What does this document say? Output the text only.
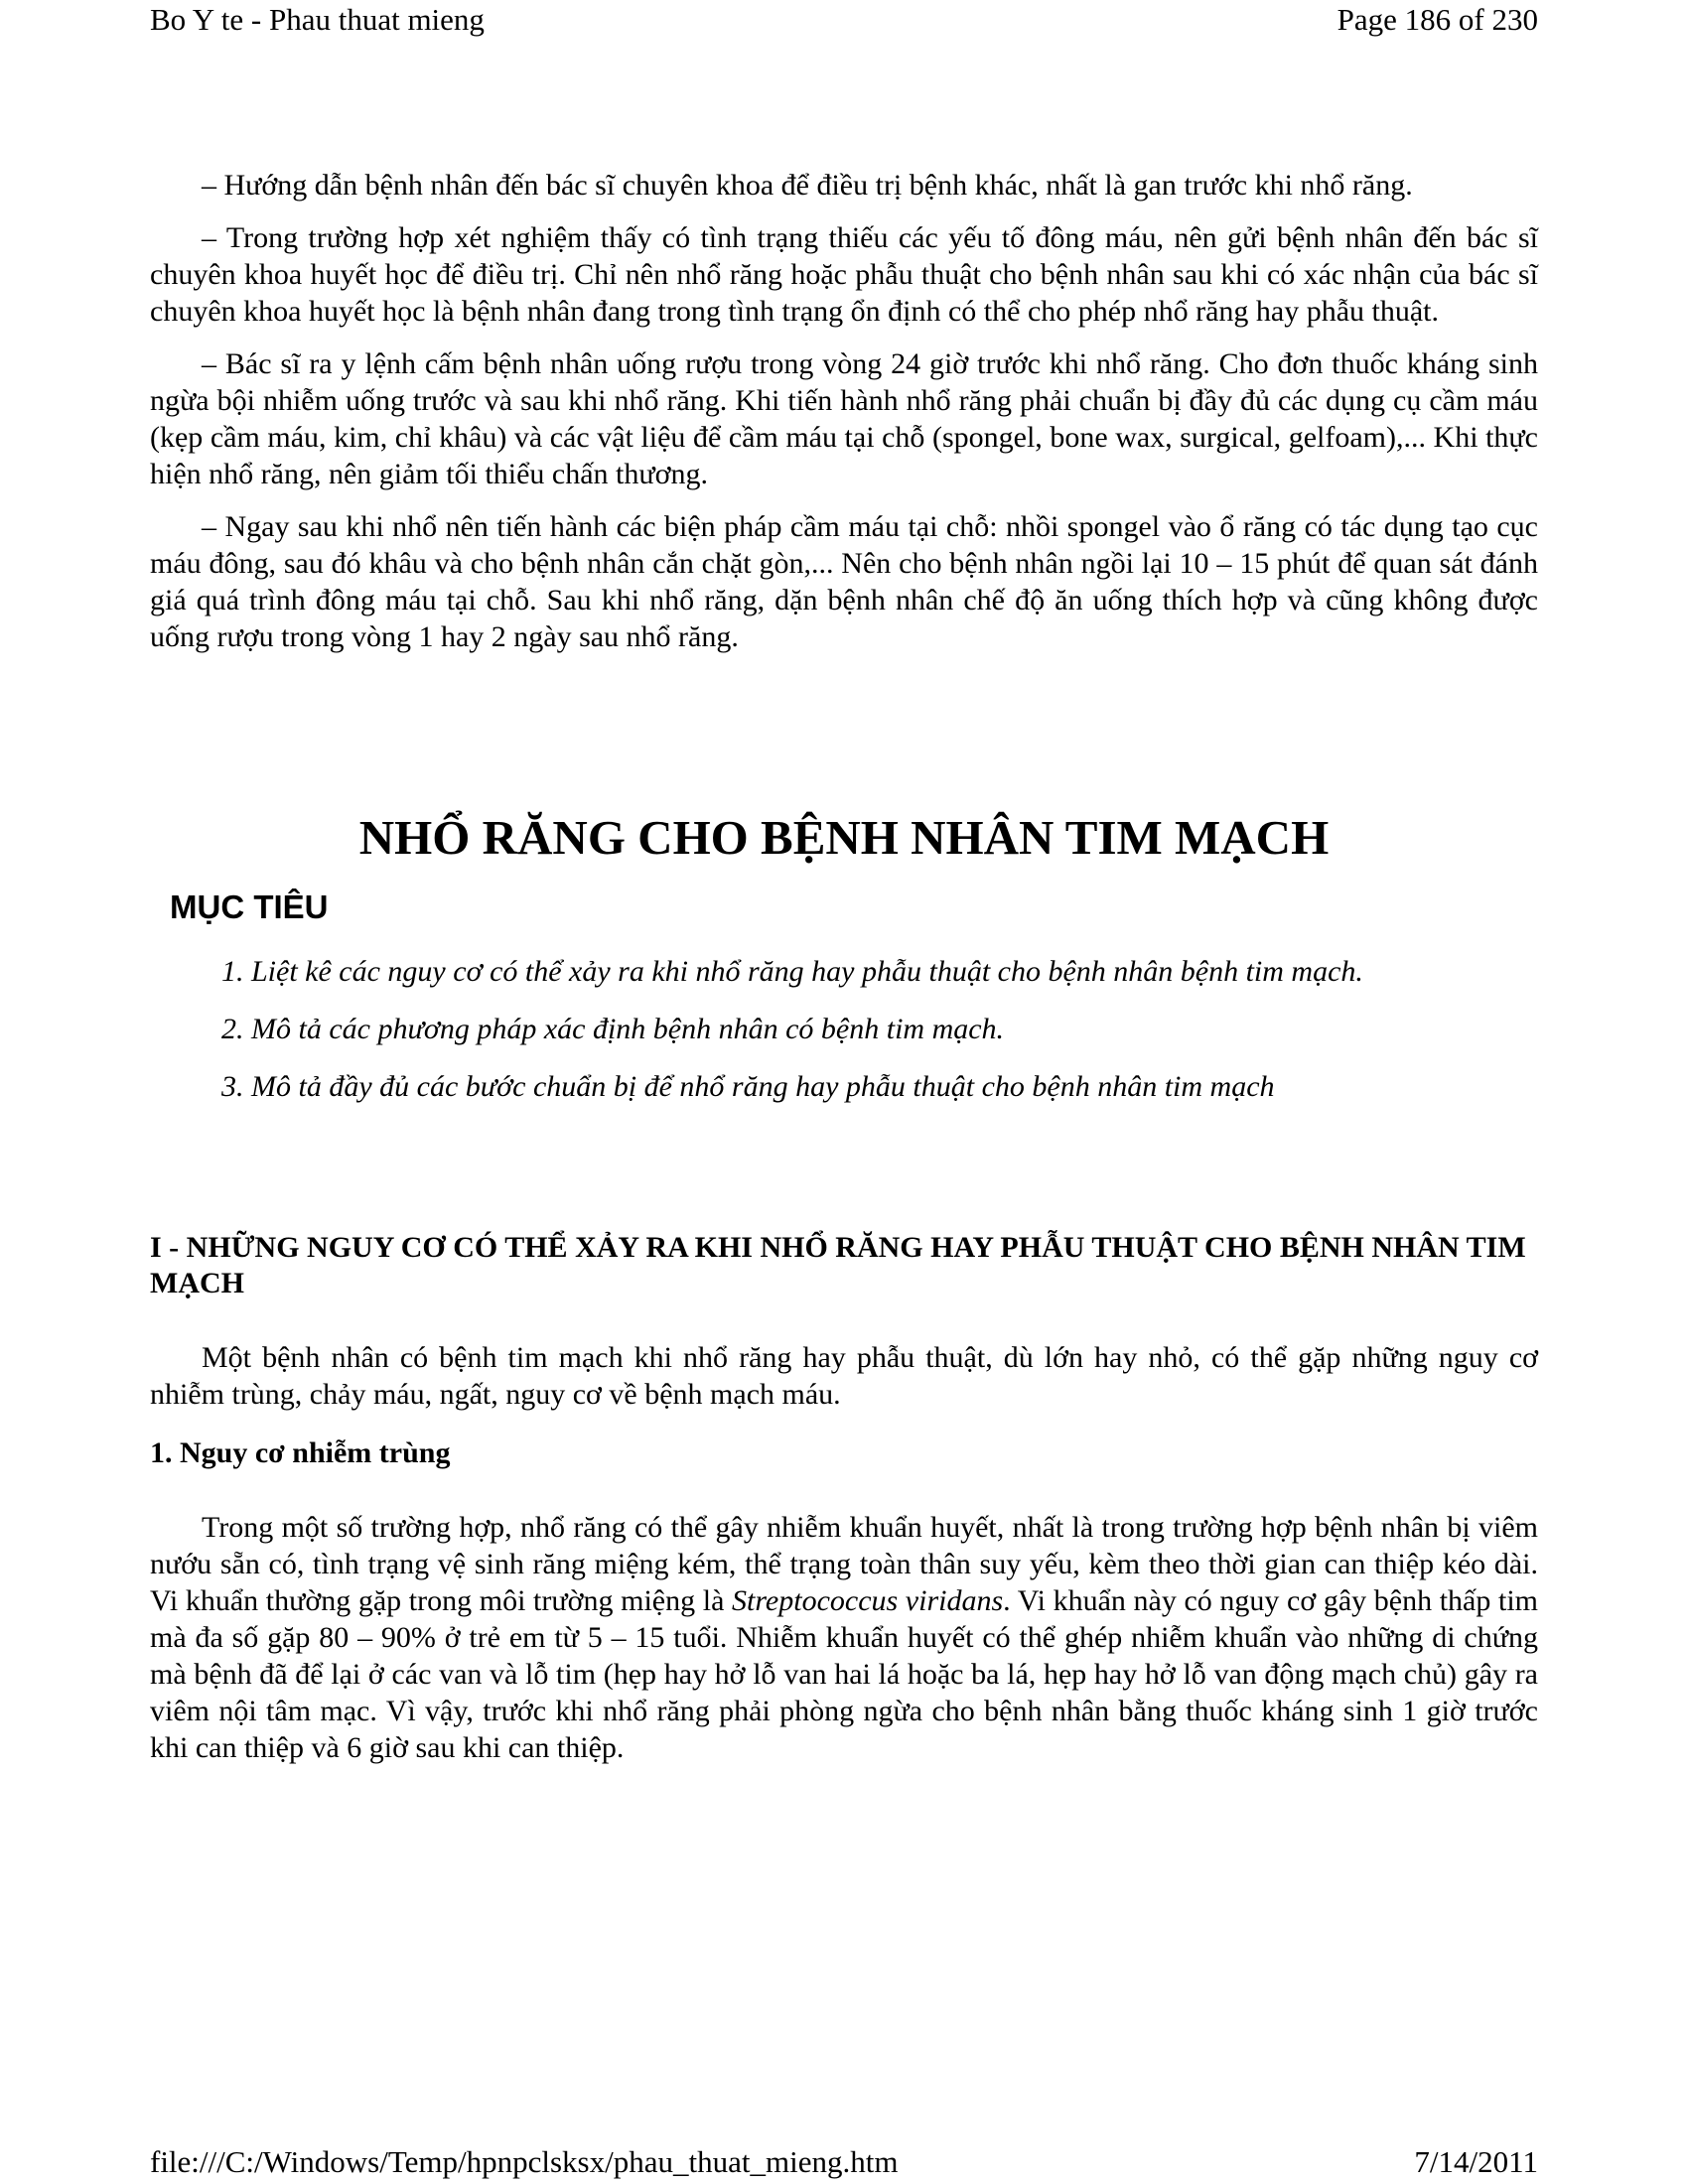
Bo Y te - Phau thuat mieng	Page 186 of 230

– Hướng dẫn bệnh nhân đến bác sĩ chuyên khoa để điều trị bệnh khác, nhất là gan trước khi nhổ răng.

– Trong trường hợp xét nghiệm thấy có tình trạng thiếu các yếu tố đông máu, nên gửi bệnh nhân đến bác sĩ chuyên khoa huyết học để điều trị. Chỉ nên nhổ răng hoặc phẫu thuật cho bệnh nhân sau khi có xác nhận của bác sĩ chuyên khoa huyết học là bệnh nhân đang trong tình trạng ổn định có thể cho phép nhổ răng hay phẫu thuật.

– Bác sĩ ra y lệnh cấm bệnh nhân uống rượu trong vòng 24 giờ trước khi nhổ răng. Cho đơn thuốc kháng sinh ngừa bội nhiễm uống trước và sau khi nhổ răng. Khi tiến hành nhổ răng phải chuẩn bị đầy đủ các dụng cụ cầm máu (kẹp cầm máu, kim, chỉ khâu) và các vật liệu để cầm máu tại chỗ (spongel, bone wax, surgical, gelfoam),... Khi thực hiện nhổ răng, nên giảm tối thiểu chấn thương.

– Ngay sau khi nhổ nên tiến hành các biện pháp cầm máu tại chỗ: nhồi spongel vào ổ răng có tác dụng tạo cục máu đông, sau đó khâu và cho bệnh nhân cắn chặt gòn,... Nên cho bệnh nhân ngồi lại 10 – 15 phút để quan sát đánh giá quá trình đông máu tại chỗ. Sau khi nhổ răng, dặn bệnh nhân chế độ ăn uống thích hợp và cũng không được uống rượu trong vòng 1 hay 2 ngày sau nhổ răng.

NHỔ RĂNG CHO BỆNH NHÂN TIM MẠCH
MỤC TIÊU

1. Liệt kê các nguy cơ có thể xảy ra khi nhổ răng hay phẫu thuật cho bệnh nhân bệnh tim mạch.

2. Mô tả các phương pháp xác định bệnh nhân có bệnh tim mạch.

3. Mô tả đầy đủ các bước chuẩn bị để nhổ răng hay phẫu thuật cho bệnh nhân tim mạch

I - NHỮNG NGUY CƠ CÓ THỂ XẢY RA KHI NHỔ RĂNG HAY PHẪU THUẬT CHO BỆNH NHÂN TIM MẠCH

Một bệnh nhân có bệnh tim mạch khi nhổ răng hay phẫu thuật, dù lớn hay nhỏ, có thể gặp những nguy cơ nhiễm trùng, chảy máu, ngất, nguy cơ về bệnh mạch máu.

1. Nguy cơ nhiễm trùng

Trong một số trường hợp, nhổ răng có thể gây nhiễm khuẩn huyết, nhất là trong trường hợp bệnh nhân bị viêm nướu sẵn có, tình trạng vệ sinh răng miệng kém, thể trạng toàn thân suy yếu, kèm theo thời gian can thiệp kéo dài. Vi khuẩn thường gặp trong môi trường miệng là Streptococcus viridans. Vi khuẩn này có nguy cơ gây bệnh thấp tim mà đa số gặp 80 – 90% ở trẻ em từ 5 – 15 tuổi. Nhiễm khuẩn huyết có thể ghép nhiễm khuẩn vào những di chứng mà bệnh đã để lại ở các van và lỗ tim (hẹp hay hở lỗ van hai lá hoặc ba lá, hẹp hay hở lỗ van động mạch chủ) gây ra viêm nội tâm mạc. Vì vậy, trước khi nhổ răng phải phòng ngừa cho bệnh nhân bằng thuốc kháng sinh 1 giờ trước khi can thiệp và 6 giờ sau khi can thiệp.

file:///C:/Windows/Temp/hpnpclsksx/phau_thuat_mieng.htm	7/14/2011
